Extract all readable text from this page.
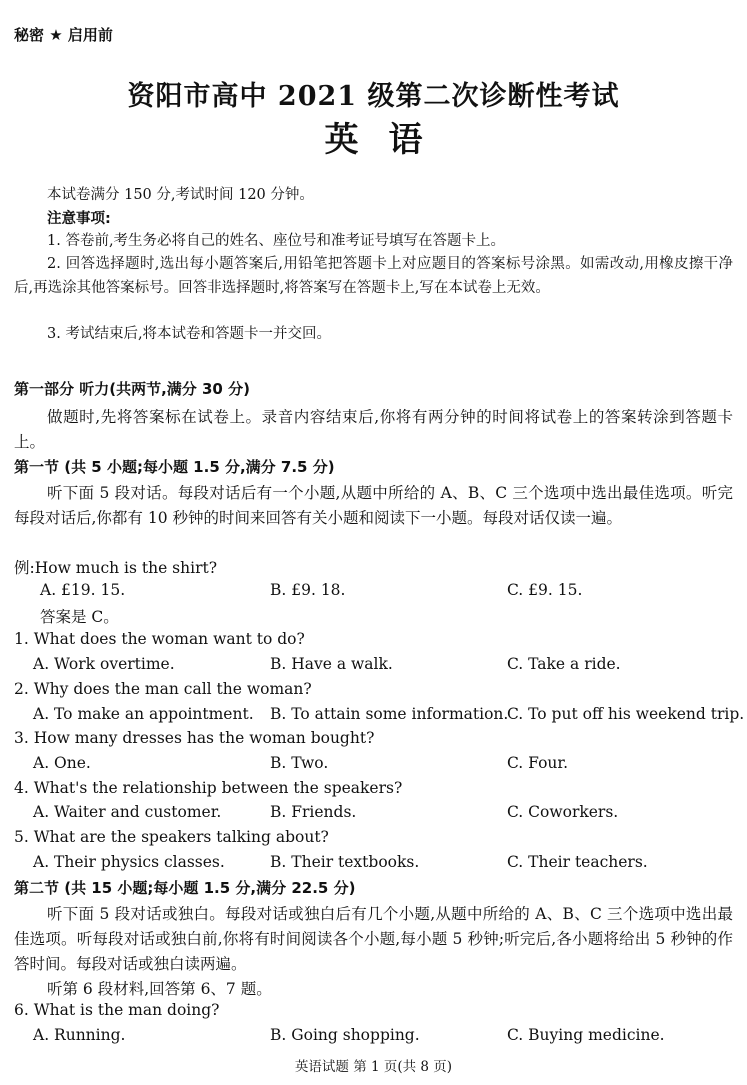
秘密 ★ 启用前
资阳市高中 2021 级第二次诊断性考试
英语
本试卷满分 150 分,考试时间 120 分钟。
注意事项:

1. 答卷前,考生务必将自己的姓名、座位号和准考证号填写在答题卡上。

2. 回答选择题时,选出每小题答案后,用铅笔把答题卡上对应题目的答案标号涂黑。如需改动,用橡皮擦干净后,再选涂其他答案标号。回答非选择题时,将答案写在答题卡上,写在本试卷上无效。

3. 考试结束后,将本试卷和答题卡一并交回。

第一部分 听力(共两节,满分 30 分)

做题时,先将答案标在试卷上。录音内容结束后,你将有两分钟的时间将试卷上的答案转涂到答题卡上。

第一节 (共 5 小题;每小题 1.5 分,满分 7.5 分)

听下面 5 段对话。每段对话后有一个小题,从题中所给的 A、B、C 三个选项中选出最佳选项。听完每段对话后,你都有 10 秒钟的时间来回答有关小题和阅读下一小题。每段对话仅读一遍。

例:How much is the shirt?
A. £19. 15.	B. £9. 18.	C. £9. 15.
答案是 C。
1. What does the woman want to do?
A. Work overtime.	B. Have a walk.	C. Take a ride.
2. Why does the man call the woman?
A. To make an appointment. B. To attain some information.
C. To put off his weekend trip.
3. How many dresses has the woman bought?
A. One.	B. Two.	C. Four.
4. What's the relationship between the speakers?
A. Waiter and customer.	B. Friends.	C. Coworkers.
5. What are the speakers talking about?
A. Their physics classes.	B. Their textbooks.	C. Their teachers.
第二节 (共 15 小题;每小题 1.5 分,满分 22.5 分)

听下面 5 段对话或独白。每段对话或独白后有几个小题,从题中所给的 A、B、C 三个选项中选出最佳选项。听每段对话或独白前,你将有时间阅读各个小题,每小题 5 秒钟;听完后,各小题将给出 5 秒钟的作答时间。每段对话或独白读两遍。

听第 6 段材料,回答第 6、7 题。
6. What is the man doing?
A. Running.	B. Going shopping.	C. Buying medicine.
英语试题 第 1 页(共 8 页)
